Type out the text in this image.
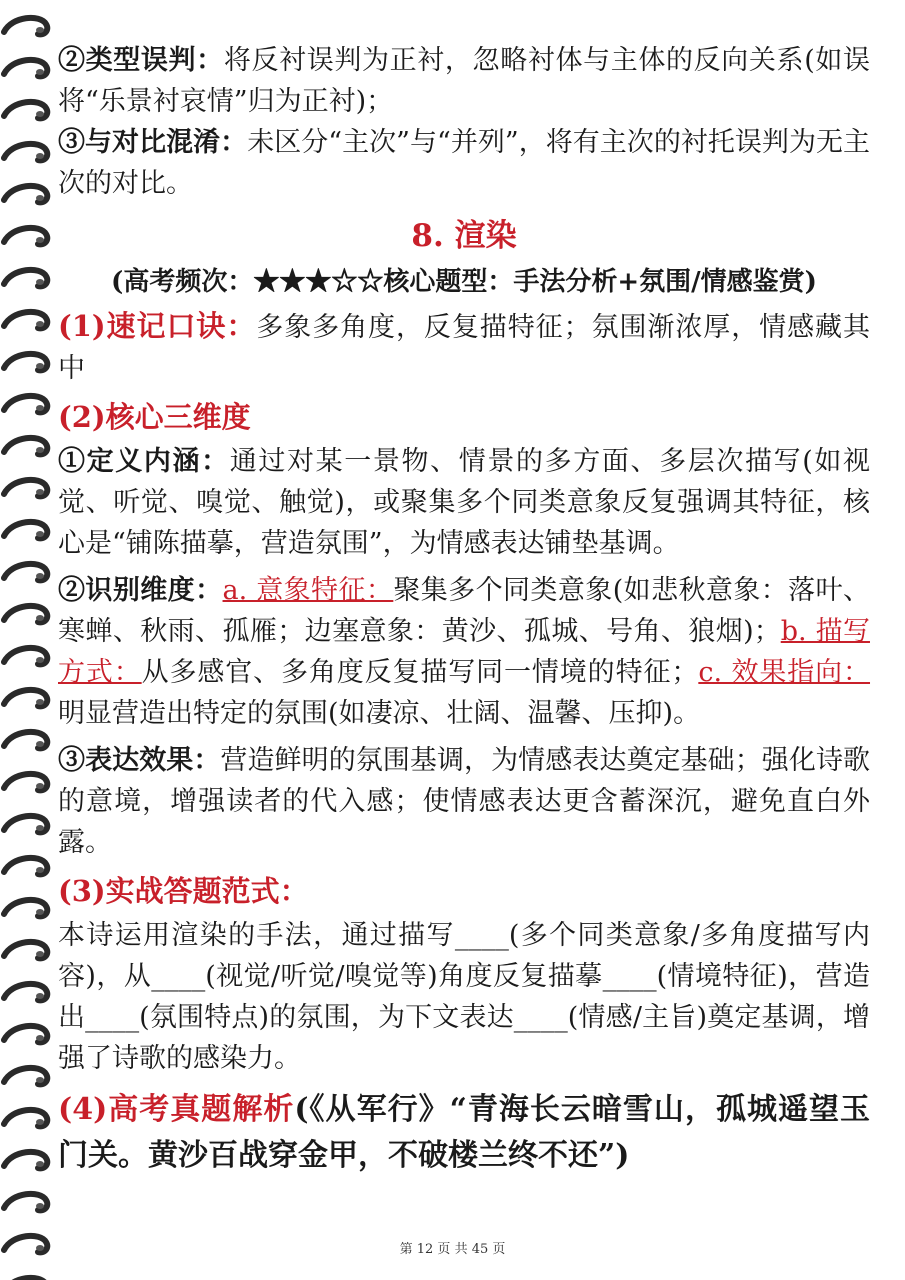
②类型误判：将反衬误判为正衬，忽略衬体与主体的反向关系(如误将“乐景衬哀情”归为正衬)；

③与对比混淆：未区分“主次”与“并列”，将有主次的衬托误判为无主次的对比。

8. 渲染
(高考频次：★★★☆☆核心题型：手法分析+氛围/情感鉴赏)

(1)速记口诀：多象多角度，反复描特征；氛围渐浓厚，情感藏其中

(2)核心三维度

①定义内涵：通过对某一景物、情景的多方面、多层次描写(如视觉、听觉、嗅觉、触觉)，或聚集多个同类意象反复强调其特征，核心是“铺陈描摹，营造氛围”，为情感表达铺垫基调。

②识别维度：a. 意象特征：聚集多个同类意象(如悲秋意象：落叶、寒蝉、秋雨、孤雁；边塞意象：黄沙、孤城、号角、狼烟)；b. 描写方式：从多感官、多角度反复描写同一情境的特征；c. 效果指向：明显营造出特定的氛围(如凄凉、壮阔、温馨、压抑)。

③表达效果：营造鲜明的氛围基调，为情感表达奠定基础；强化诗歌的意境，增强读者的代入感；使情感表达更含蓄深沉，避免直白外露。

(3)实战答题范式：

本诗运用渲染的手法，通过描写____(多个同类意象/多角度描写内容)，从____(视觉/听觉/嗅觉等)角度反复描摹____(情境特征)，营造出____(氛围特点)的氛围，为下文表达____(情感/主旨)奠定基调，增强了诗歌的感染力。

(4)高考真题解析(《从军行》“青海长云暗雪山，孤城遥望玉门关。黄沙百战穿金甲，不破楼兰终不还”)

第 12 页 共 45 页
